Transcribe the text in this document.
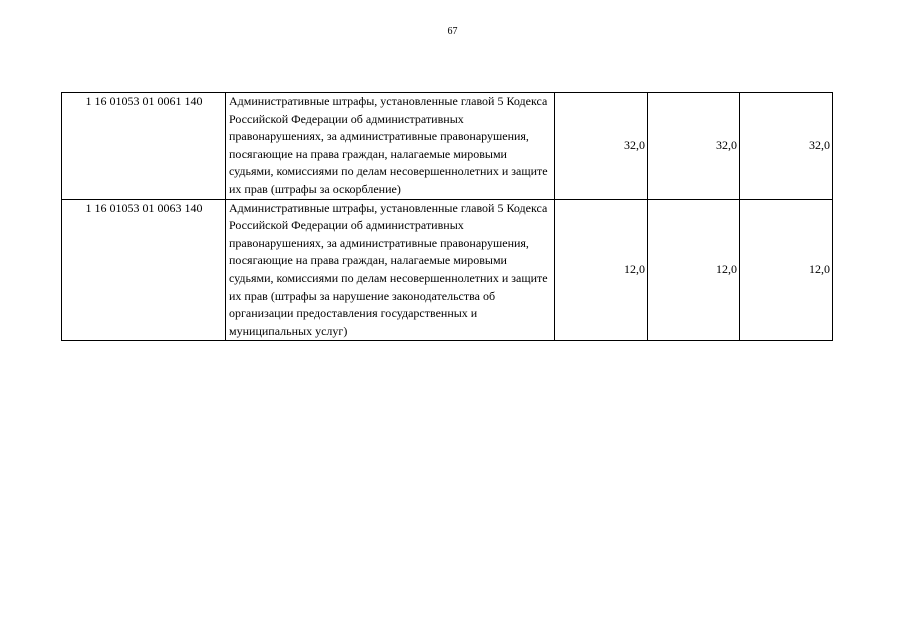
67
1 16 01053 01 0061 140	Административные штрафы, установленные главой 5 Кодекса Российской Федерации об административных правонарушениях, за административные правонарушения, посягающие на права граждан, налагаемые мировыми судьями, комиссиями по делам несовершеннолетних и защите их прав (штрафы за оскорбление)	32,0	32,0	32,0
1 16 01053 01 0063 140	Административные штрафы, установленные главой 5 Кодекса Российской Федерации об административных правонарушениях, за административные правонарушения, посягающие на права граждан, налагаемые мировыми судьями, комиссиями по делам несовершеннолетних и защите их прав (штрафы за нарушение законодательства об организации предоставления государственных и муниципальных услуг)	12,0	12,0	12,0
